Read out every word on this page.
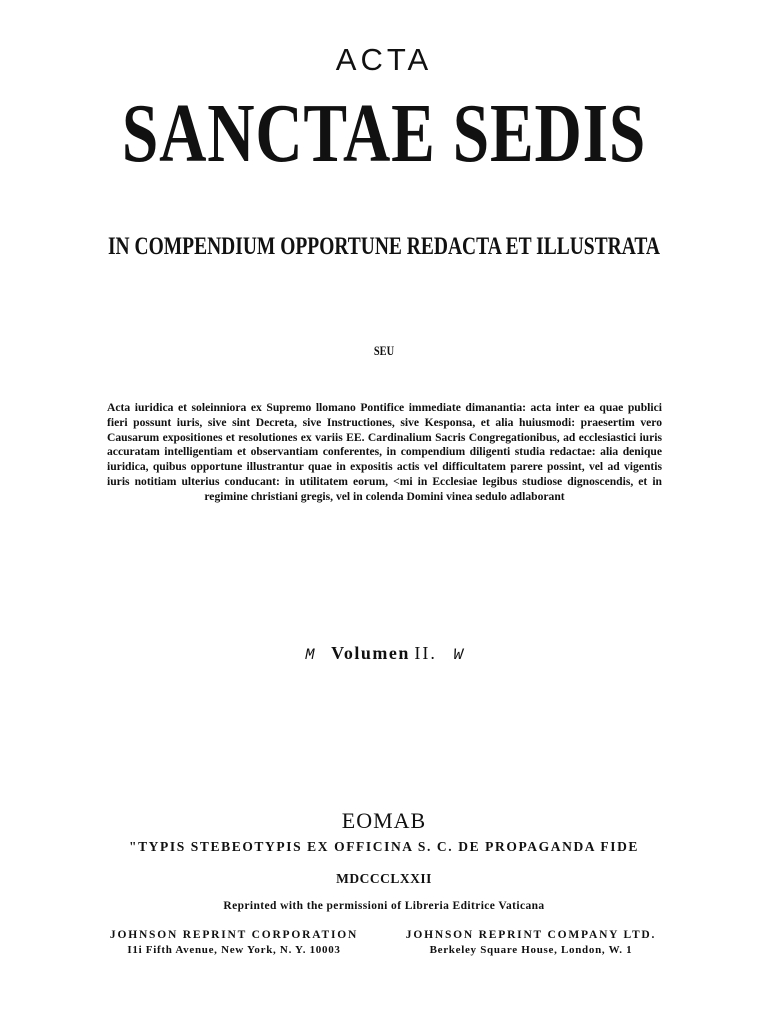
ACTA
SANCTAE SEDIS
IN COMPENDIUM OPPORTUNE REDACTA ET ILLUSTRATA
SEU

Acta iuridica et soleinniora ex Supremo llomano Pontifice immediate dimanantia: acta inter ea quae publici fieri possunt iuris, sive sint Decreta, sive Instructiones, sive Kesponsa, et alia huiusmodi: praesertim vero Causarum expositiones et resolutiones ex variis EE. Cardinalium Sacris Congregationibus, ad ecclesiastici iuris accuratam intelligentiam et observantiam conferentes, in compendium diligenti studia redactae: alia denique iuridica, quibus opportune illustrantur quae in expositis actis vel difficultatem parere possint, vel ad vigentis iuris notitiam ulterius conducant: in utilitatem eorum, <mi in Ecclesiae legibus studiose dignoscendis, et in regimine christiani gregis, vel in colenda Domini vinea sedulo adlaborant

M Volumen II. W
EOMAB
"TYPIS STEBEOTYPIS EX OFFICINA S. C. DE PROPAGANDA FIDE
MDCCCLXXII
Reprinted with the permissioni of Libreria Editrice Vaticana
JOHNSON REPRINT CORPORATION
I1i Fifth Avenue, New York, N. Y. 10003
JOHNSON REPRINT COMPANY LTD.
Berkeley Square House, London, W. 1
